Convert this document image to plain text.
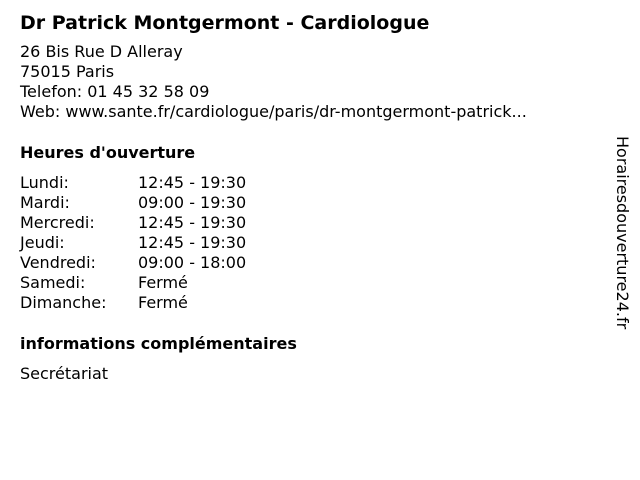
Dr Patrick Montgermont - Cardiologue
26 Bis Rue D Alleray
75015 Paris
Telefon: 01 45 32 58 09
Web: www.sante.fr/cardiologue/paris/dr-montgermont-patrick...
Heures d'ouverture
Lundi:	12:45 - 19:30
Mardi:	09:00 - 19:30
Mercredi:	12:45 - 19:30
Jeudi:	12:45 - 19:30
Vendredi:	09:00 - 18:00
Samedi:	Fermé
Dimanche:	Fermé
informations complémentaires
Secrétariat
Horairesdouverture24.fr
